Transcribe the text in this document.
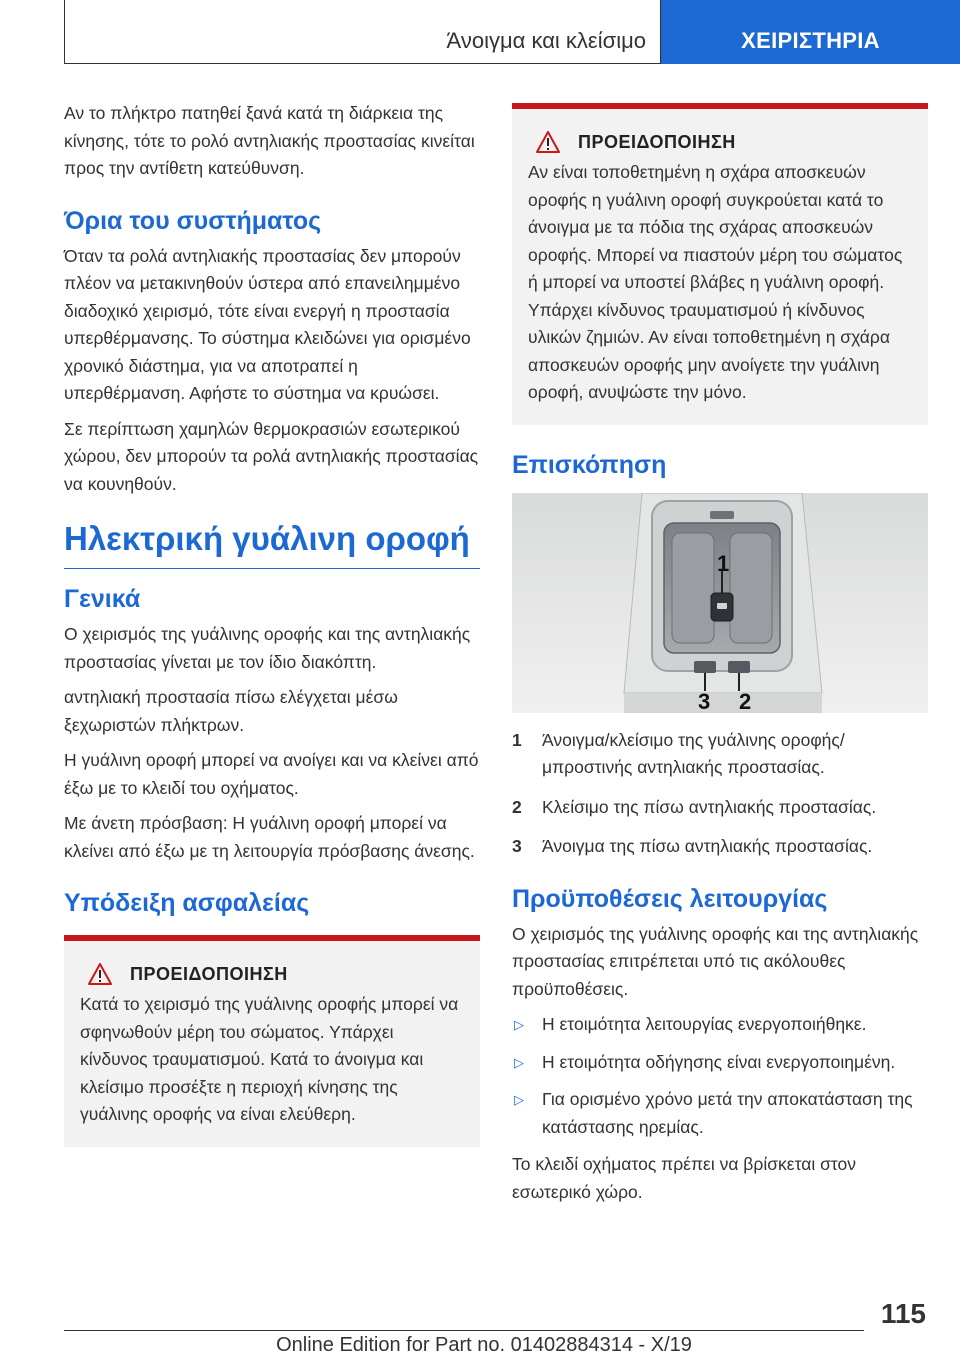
Άνοιγμα και κλείσιμο	ΧΕΙΡΙΣΤΗΡΙΑ

Αν το πλήκτρο πατηθεί ξανά κατά τη διάρκεια της κίνησης, τότε το ρολό αντηλιακής προστασίας κινείται προς την αντίθετη κατεύθυνση.

Όρια του συστήματος

Όταν τα ρολά αντηλιακής προστασίας δεν μπορούν πλέον να μετακινηθούν ύστερα από επανειλημμένο διαδοχικό χειρισμό, τότε είναι ενεργή η προστασία υπερθέρμανσης. Το σύστημα κλειδώνει για ορισμένο χρονικό διάστημα, για να αποτραπεί η υπερθέρμανση. Αφήστε το σύστημα να κρυώσει.

Σε περίπτωση χαμηλών θερμοκρασιών εσωτερικού χώρου, δεν μπορούν τα ρολά αντηλιακής προστασίας να κουνηθούν.

Ηλεκτρική γυάλινη οροφή
Γενικά

Ο χειρισμός της γυάλινης οροφής και της αντηλιακής προστασίας γίνεται με τον ίδιο διακόπτη.

αντηλιακή προστασία πίσω ελέγχεται μέσω ξεχωριστών πλήκτρων.

Η γυάλινη οροφή μπορεί να ανοίγει και να κλείνει από έξω με το κλειδί του οχήματος.

Με άνετη πρόσβαση: Η γυάλινη οροφή μπορεί να κλείνει από έξω με τη λειτουργία πρόσβασης άνεσης.

Υπόδειξη ασφαλείας
ΠΡΟΕΙΔΟΠΟΙΗΣΗ

Κατά το χειρισμό της γυάλινης οροφής μπορεί να σφηνωθούν μέρη του σώματος. Υπάρχει κίνδυνος τραυματισμού. Κατά το άνοιγμα και κλείσιμο προσέξτε η περιοχή κίνησης της γυάλινης οροφής να είναι ελεύθερη.

ΠΡΟΕΙΔΟΠΟΙΗΣΗ

Αν είναι τοποθετημένη η σχάρα αποσκευών οροφής η γυάλινη οροφή συγκρούεται κατά το άνοιγμα με τα πόδια της σχάρας αποσκευών οροφής. Μπορεί να πιαστούν μέρη του σώματος ή μπορεί να υποστεί βλάβες η γυάλινη οροφή. Υπάρχει κίνδυνος τραυματισμού ή κίνδυνος υλικών ζημιών. Αν είναι τοποθετημένη η σχάρα αποσκευών οροφής μην ανοίγετε την γυάλινη οροφή, ανυψώστε την μόνο.

Επισκόπηση
1
3 2
1	Άνοιγμα/κλείσιμο της γυάλινης οροφής/μπροστινής αντηλιακής προστασίας.
2	Κλείσιμο της πίσω αντηλιακής προστασίας.
3	Άνοιγμα της πίσω αντηλιακής προστασίας.
Προϋποθέσεις λειτουργίας

Ο χειρισμός της γυάλινης οροφής και της αντηλιακής προστασίας επιτρέπεται υπό τις ακόλουθες προϋποθέσεις.

▷	Η ετοιμότητα λειτουργίας ενεργοποιήθηκε.
▷	Η ετοιμότητα οδήγησης είναι ενεργοποιημένη.
▷	Για ορισμένο χρόνο μετά την αποκατάσταση της κατάστασης ηρεμίας.

Το κλειδί οχήματος πρέπει να βρίσκεται στον εσωτερικό χώρο.

115
Online Edition for Part no. 01402884314 - X/19
